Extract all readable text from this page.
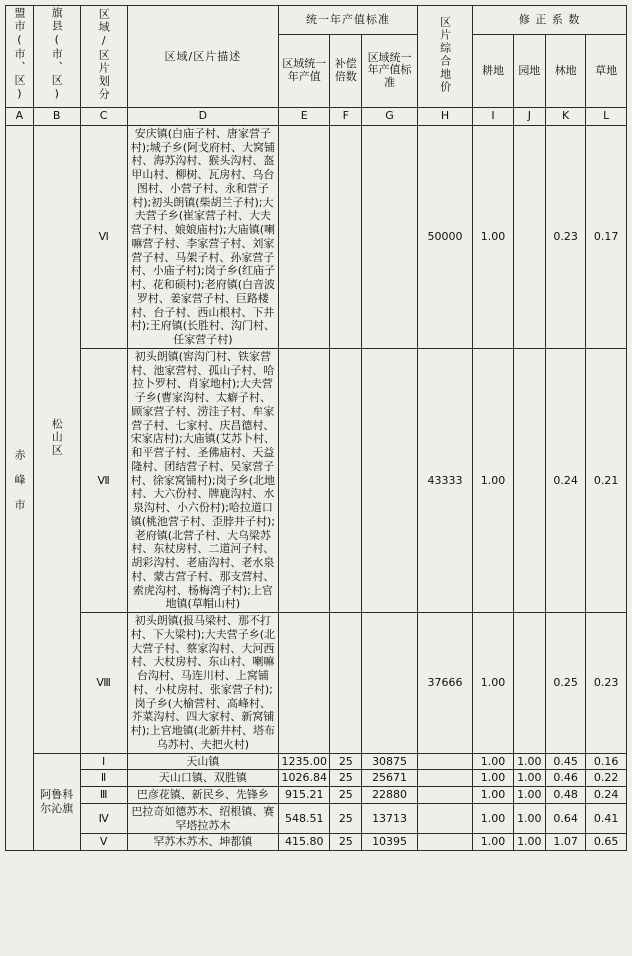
盟市(市、区)	旗县(市、区)	区域/区片划分	区域/区片描述	统一年产值标准			区片综合地价	修 正 系 数			

				区域统一年产值	补偿倍数	区域统一年产值标准		耕地	园地	林地	草地
A	B	C	D	E	F	G	H	I	J	K	L
赤峰市	松山区	Ⅵ	安庆镇(白庙子村、唐家营子村);城子乡(阿戈府村、大窝铺村、海苏沟村、猴头沟村、盔甲山村、柳树、瓦房村、乌台图村、小营子村、永和营子村);初头朗镇(柴胡兰子村);大夫营子乡(崔家营子村、大夫营子村、娘娘庙村);大庙镇(喇嘛营子村、李家营子村、刘家营子村、马架子村、孙家营子村、小庙子村);岗子乡(红庙子村、花和硕村);老府镇(白音波罗村、姜家营子村、巨路楼村、台子村、西山根村、下井村);王府镇(长胜村、沟门村、任家营子村)				50000	1.00		0.23	0.17
		Ⅶ	初头朗镇(窖沟门村、铁家营村、池家营村、孤山子村、哈拉卜罗村、肖家地村);大夫营子乡(曹家沟村、太癖子村、顾家营子村、涝洼子村、牟家营子村、七家村、庆昌德村、宋家店村);大庙镇(艾苏卜村、和平营子村、圣佛庙村、天益隆村、团结营子村、吴家营子村、徐家窝铺村);岗子乡(北地村、大六份村、牌鹿沟村、水泉沟村、小六份村);哈拉道口镇(桃池营子村、歪脖井子村);老府镇(北营子村、大乌梁苏村、东杖房村、二道河子村、胡彩沟村、老庙沟村、老水泉村、蒙古营子村、那支营村、索虎沟村、杨梅湾子村);上官地镇(草帽山村)				43333	1.00		0.24	0.21
		Ⅷ	初头朗镇(报马梁村、那不打村、下大梁村);大夫营子乡(北大营子村、蔡家沟村、大河西村、大杖房村、东山村、喇嘛台沟村、马连川村、上窝铺村、小杖房村、张家营子村);岗子乡(大榆营村、高峰村、芥菜沟村、四大家村、新窝铺村);上官地镇(北新井村、塔布乌苏村、夫把火村)				37666	1.00		0.25	0.23
	阿鲁科尔沁旗	Ⅰ	天山镇	1235.00	25	30875		1.00	1.00	0.45	0.16
		Ⅱ	天山口镇、双胜镇	1026.84	25	25671		1.00	1.00	0.46	0.22
		Ⅲ	巴彦花镇、新民乡、先锋乡	915.21	25	22880		1.00	1.00	0.48	0.24
		Ⅳ	巴拉奇如德苏木、绍根镇、赛罕塔拉苏木	548.51	25	13713		1.00	1.00	0.64	0.41
		Ⅴ	罕苏木苏木、坤都镇	415.80	25	10395		1.00	1.00	1.07	0.65
